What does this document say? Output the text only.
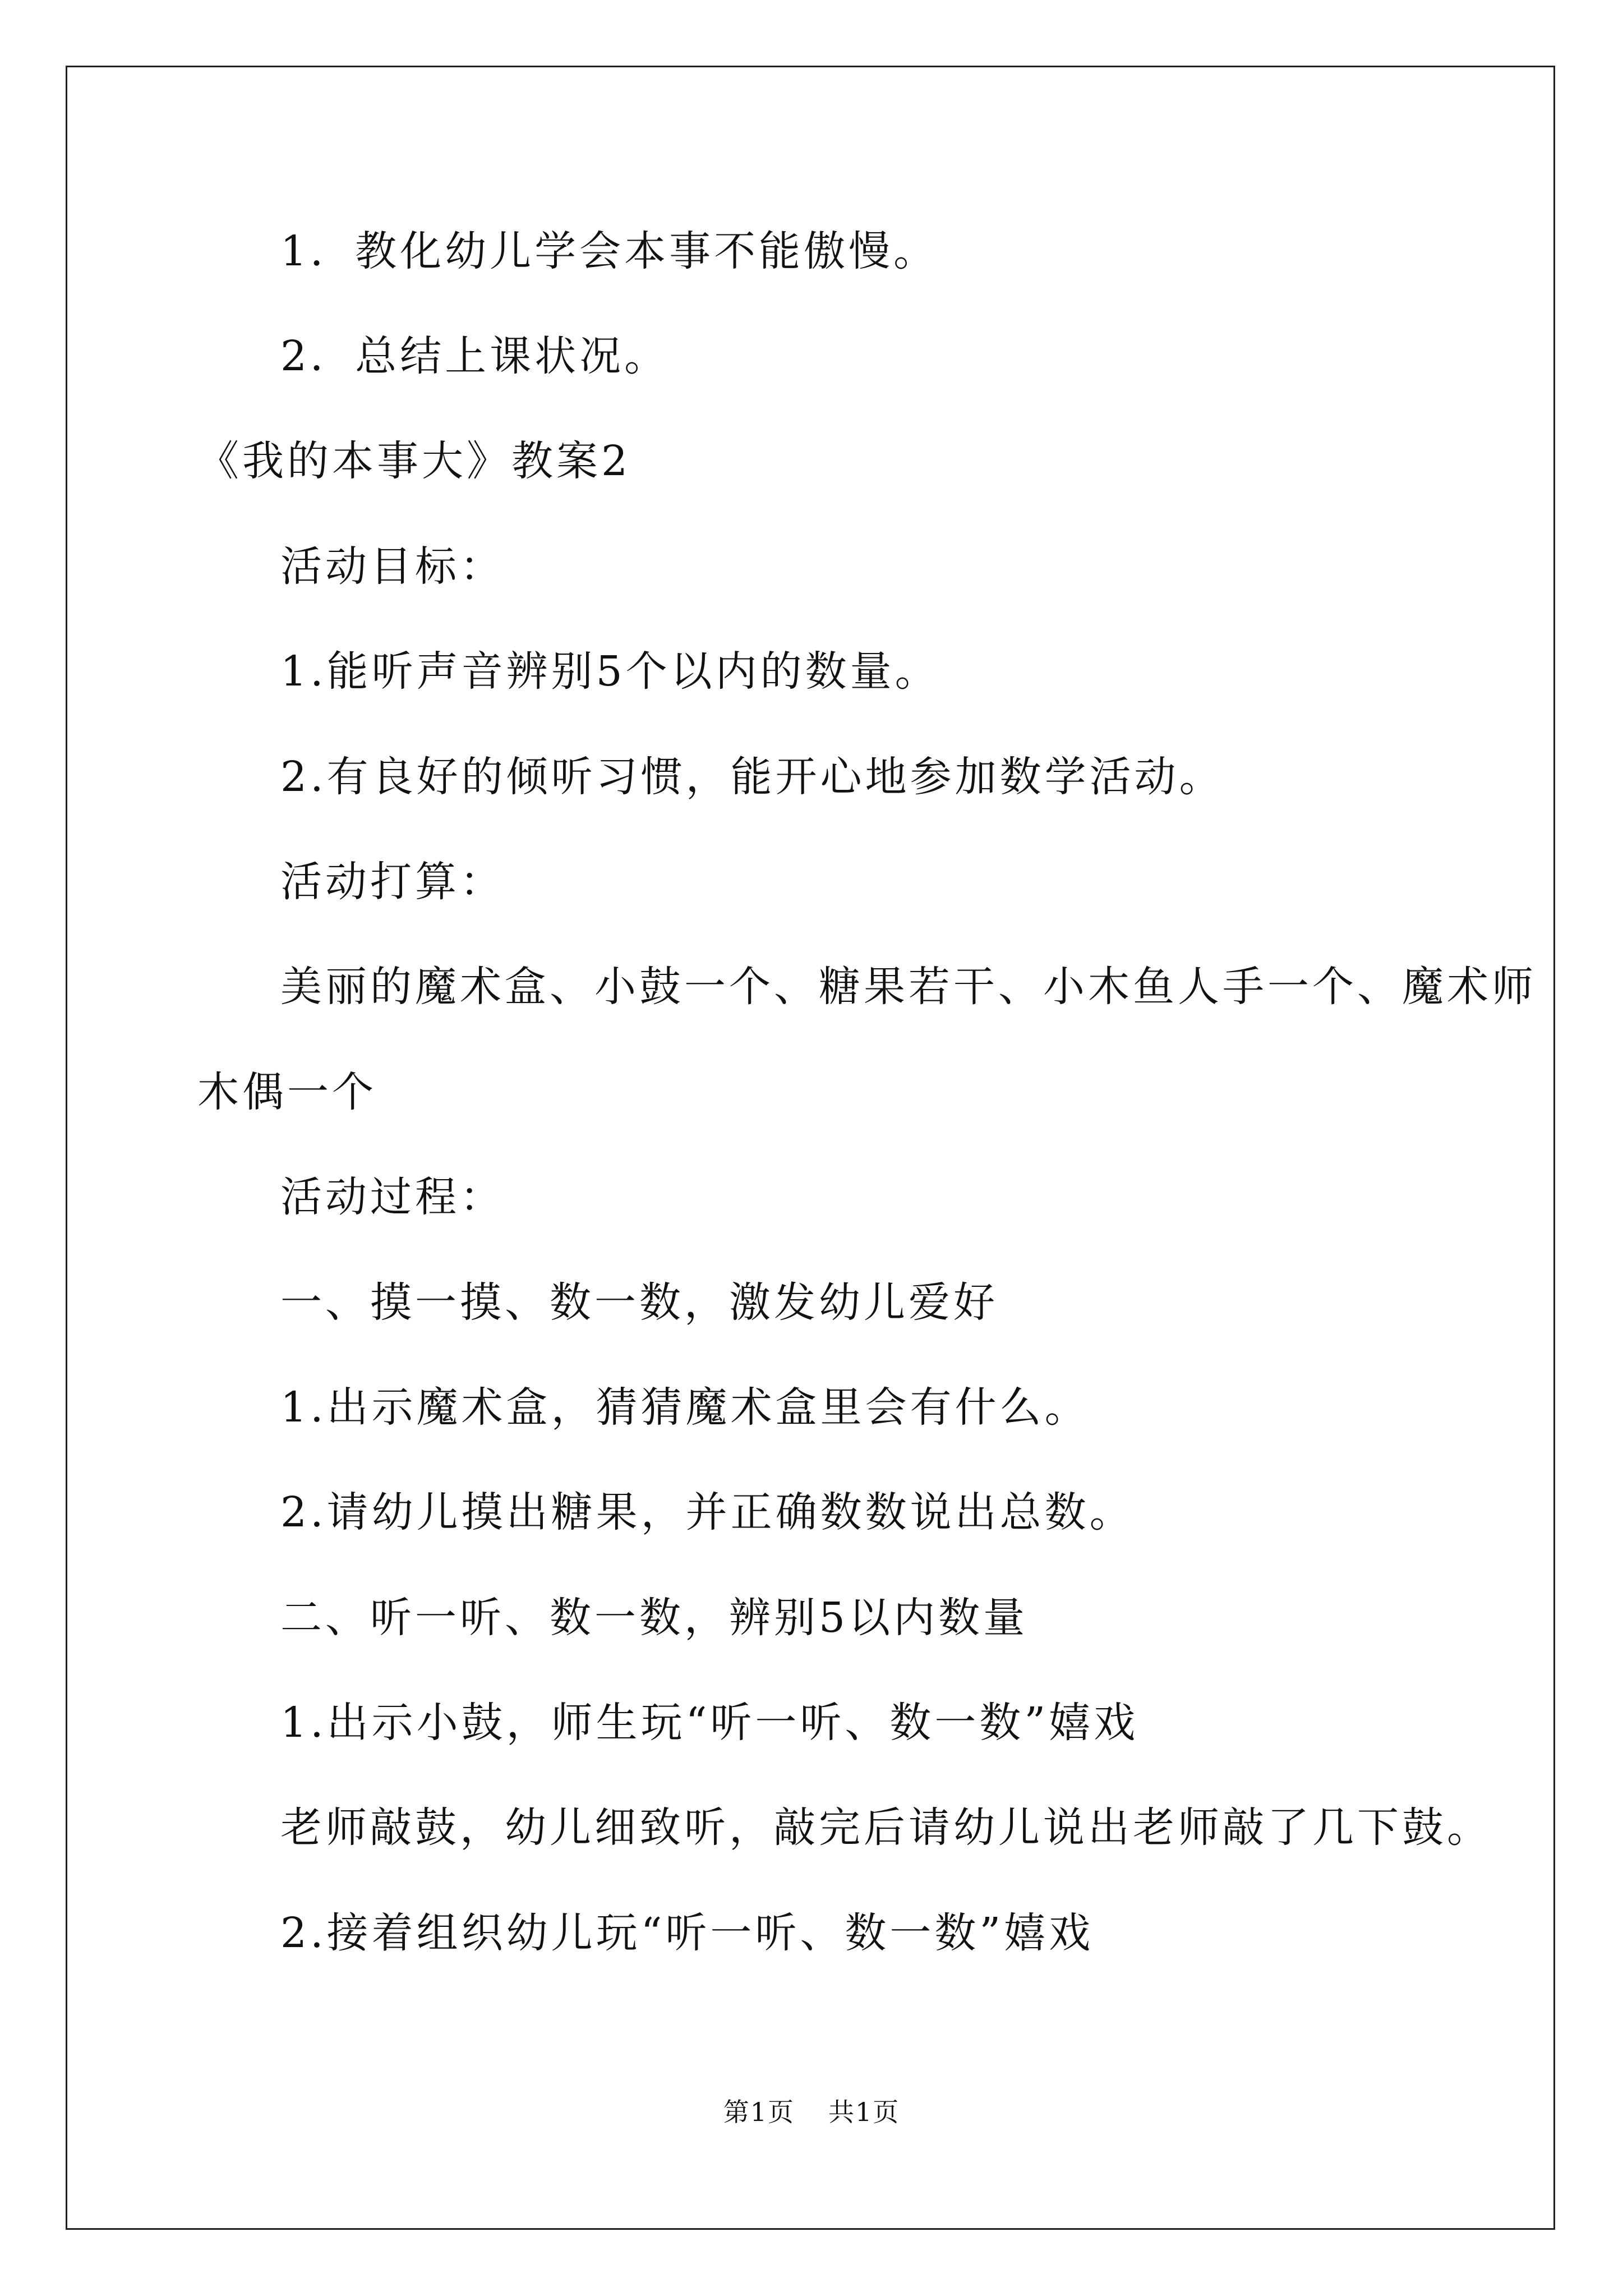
1．教化幼儿学会本事不能傲慢。
2．总结上课状况。
《我的本事大》教案2
活动目标：
1.能听声音辨别5个以内的数量。
2.有良好的倾听习惯，能开心地参加数学活动。
活动打算：
美丽的魔术盒、小鼓一个、糖果若干、小木鱼人手一个、魔术师
木偶一个
活动过程：
一、摸一摸、数一数，激发幼儿爱好
1.出示魔术盒，猜猜魔术盒里会有什么。
2.请幼儿摸出糖果，并正确数数说出总数。
二、听一听、数一数，辨别5以内数量
1.出示小鼓，师生玩“听一听、数一数”嬉戏
老师敲鼓，幼儿细致听，敲完后请幼儿说出老师敲了几下鼓。
2.接着组织幼儿玩“听一听、数一数”嬉戏
第1页 共1页
